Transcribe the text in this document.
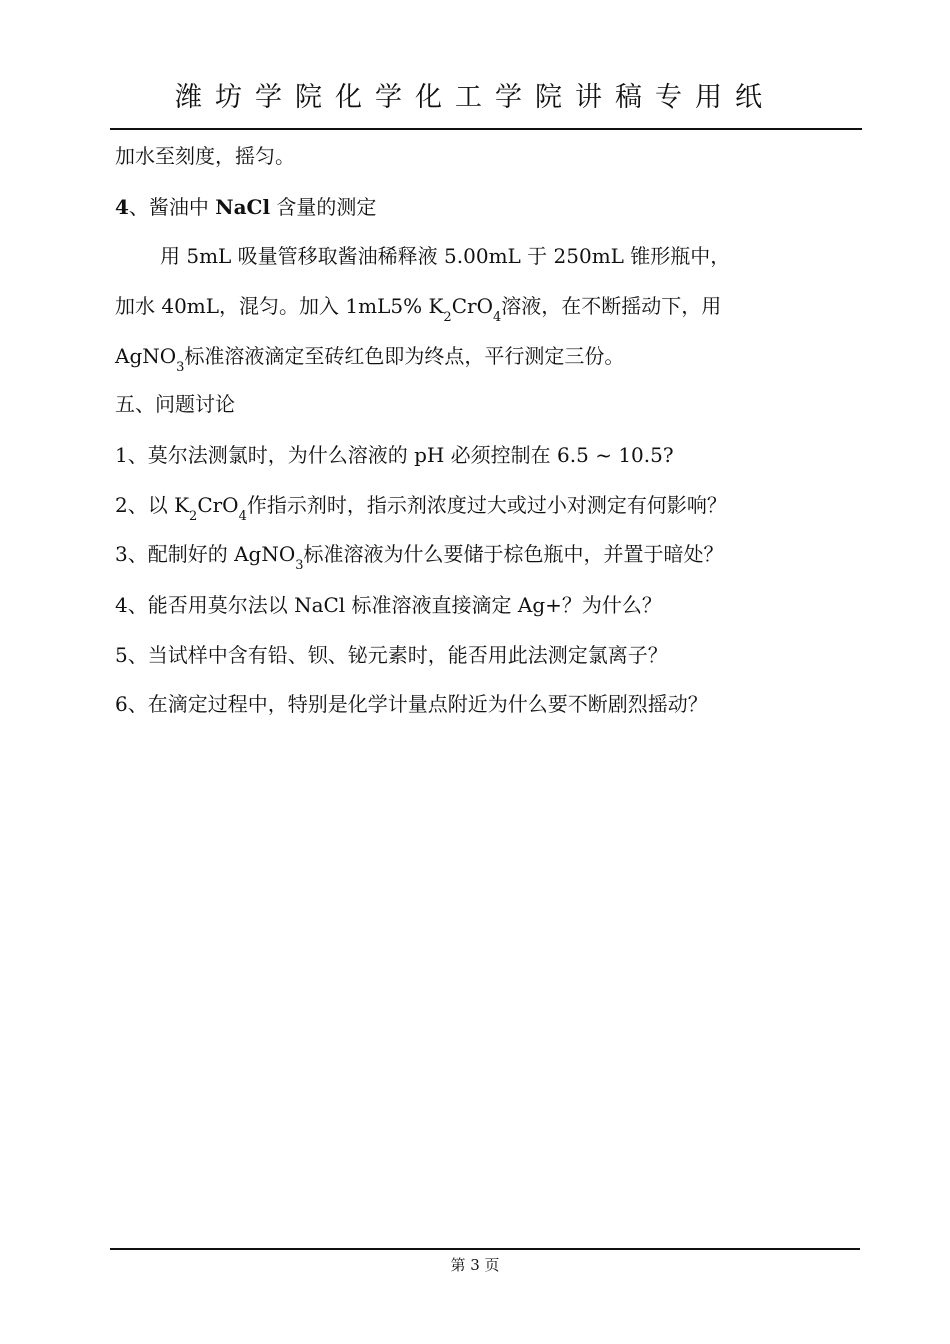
潍坊学院化学化工学院讲稿专用纸
加水至刻度，摇匀。
4、酱油中 NaCl 含量的测定
用 5mL 吸量管移取酱油稀释液 5.00mL 于 250mL 锥形瓶中，
加水 40mL，混匀。加入 1mL5% $K_2CrO_4$溶液，在不断摇动下，用
AgNO$_3$标准溶液滴定至砖红色即为终点，平行测定三份。
五、问题讨论
1、莫尔法测氯时，为什么溶液的 pH 必须控制在 6.5 ~ 10.5?
2、以 $K_2CrO_4$作指示剂时，指示剂浓度过大或过小对测定有何影响？
3、配制好的 AgNO$_3$标准溶液为什么要储于棕色瓶中，并置于暗处？
4、能否用莫尔法以 NaCl 标准溶液直接滴定 Ag+？为什么？
5、当试样中含有铅、钡、铋元素时，能否用此法测定氯离子？
6、在滴定过程中，特别是化学计量点附近为什么要不断剧烈摇动？
第 3 页
